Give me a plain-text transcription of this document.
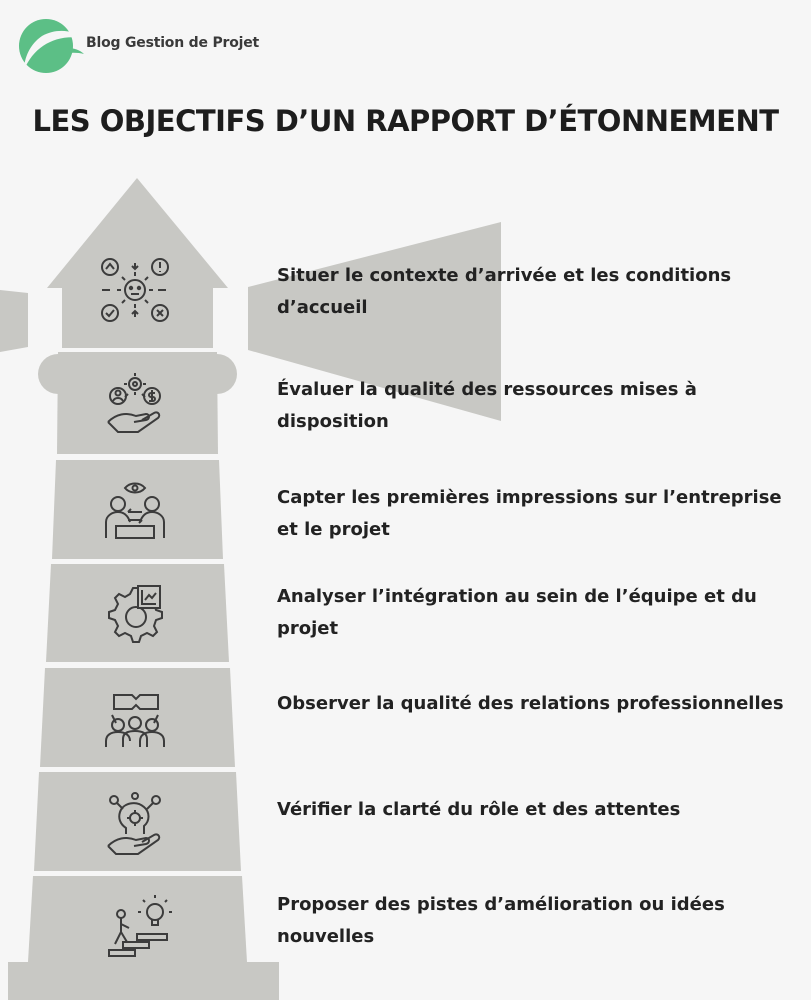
Blog Gestion de Projet
LES OBJECTIFS D’UN RAPPORT D’ÉTONNEMENT
Situer le contexte d’arrivée et les conditions d’accueil
Évaluer la qualité des ressources mises à disposition
Capter les premières impressions sur l’entreprise et le projet
Analyser l’intégration au sein de l’équipe et du projet
Observer la qualité des relations professionnelles
Vérifier la clarté du rôle et des attentes
Proposer des pistes d’amélioration ou idées nouvelles
